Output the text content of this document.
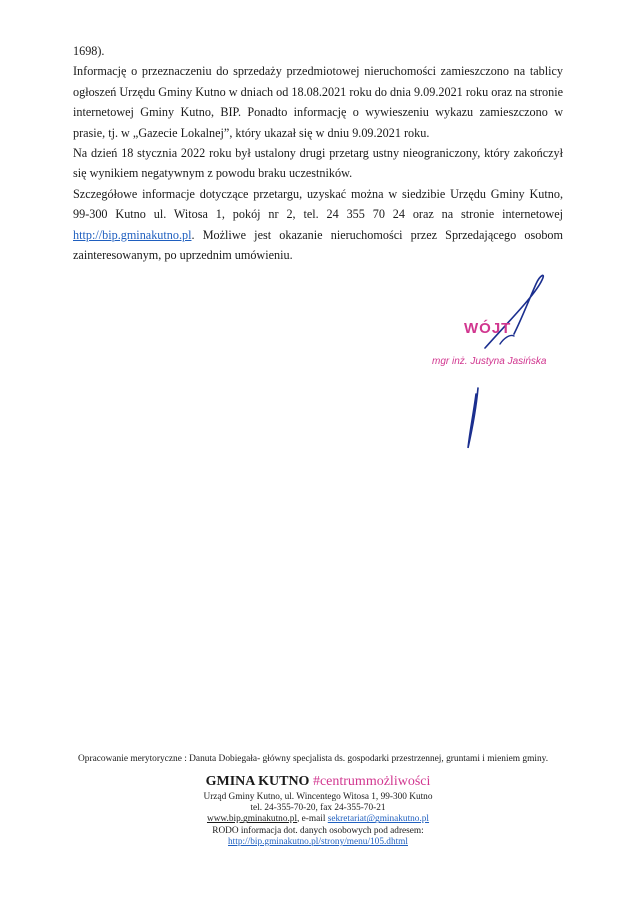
1698).

Informację o przeznaczeniu do sprzedaży przedmiotowej nieruchomości zamieszczono na tablicy ogłoszeń Urzędu Gminy Kutno w dniach od 18.08.2021 roku do dnia 9.09.2021 roku oraz na stronie internetowej Gminy Kutno, BIP. Ponadto informację o wywieszeniu wykazu zamieszczono w prasie, tj. w „Gazecie Lokalnej”, który ukazał się w dniu 9.09.2021 roku.

Na dzień 18 stycznia 2022 roku był ustalony drugi przetarg ustny nieograniczony, który zakończył się wynikiem negatywnym z powodu braku uczestników.

Szczegółowe informacje dotyczące przetargu, uzyskać można w siedzibie Urzędu Gminy Kutno, 99-300 Kutno ul. Witosa 1, pokój nr 2, tel. 24 355 70 24 oraz na stronie internetowej http://bip.gminakutno.pl. Możliwe jest okazanie nieruchomości przez Sprzedającego osobom zainteresowanym, po uprzednim umówieniu.

WÓJT
mgr inż. Justyna Jasińska
Opracowanie merytoryczne : Danuta Dobiegała- główny specjalista ds. gospodarki przestrzennej, gruntami i mieniem gminy.
GMINA KUTNO #centrummożliwości
Urząd Gminy Kutno, ul. Wincentego Witosa 1, 99-300 Kutno
tel. 24-355-70-20, fax 24-355-70-21
www.bip.gminakutno.pl, e-mail sekretariat@gminakutno.pl
RODO informacja dot. danych osobowych pod adresem:
http://bip.gminakutno.pl/strony/menu/105.dhtml
